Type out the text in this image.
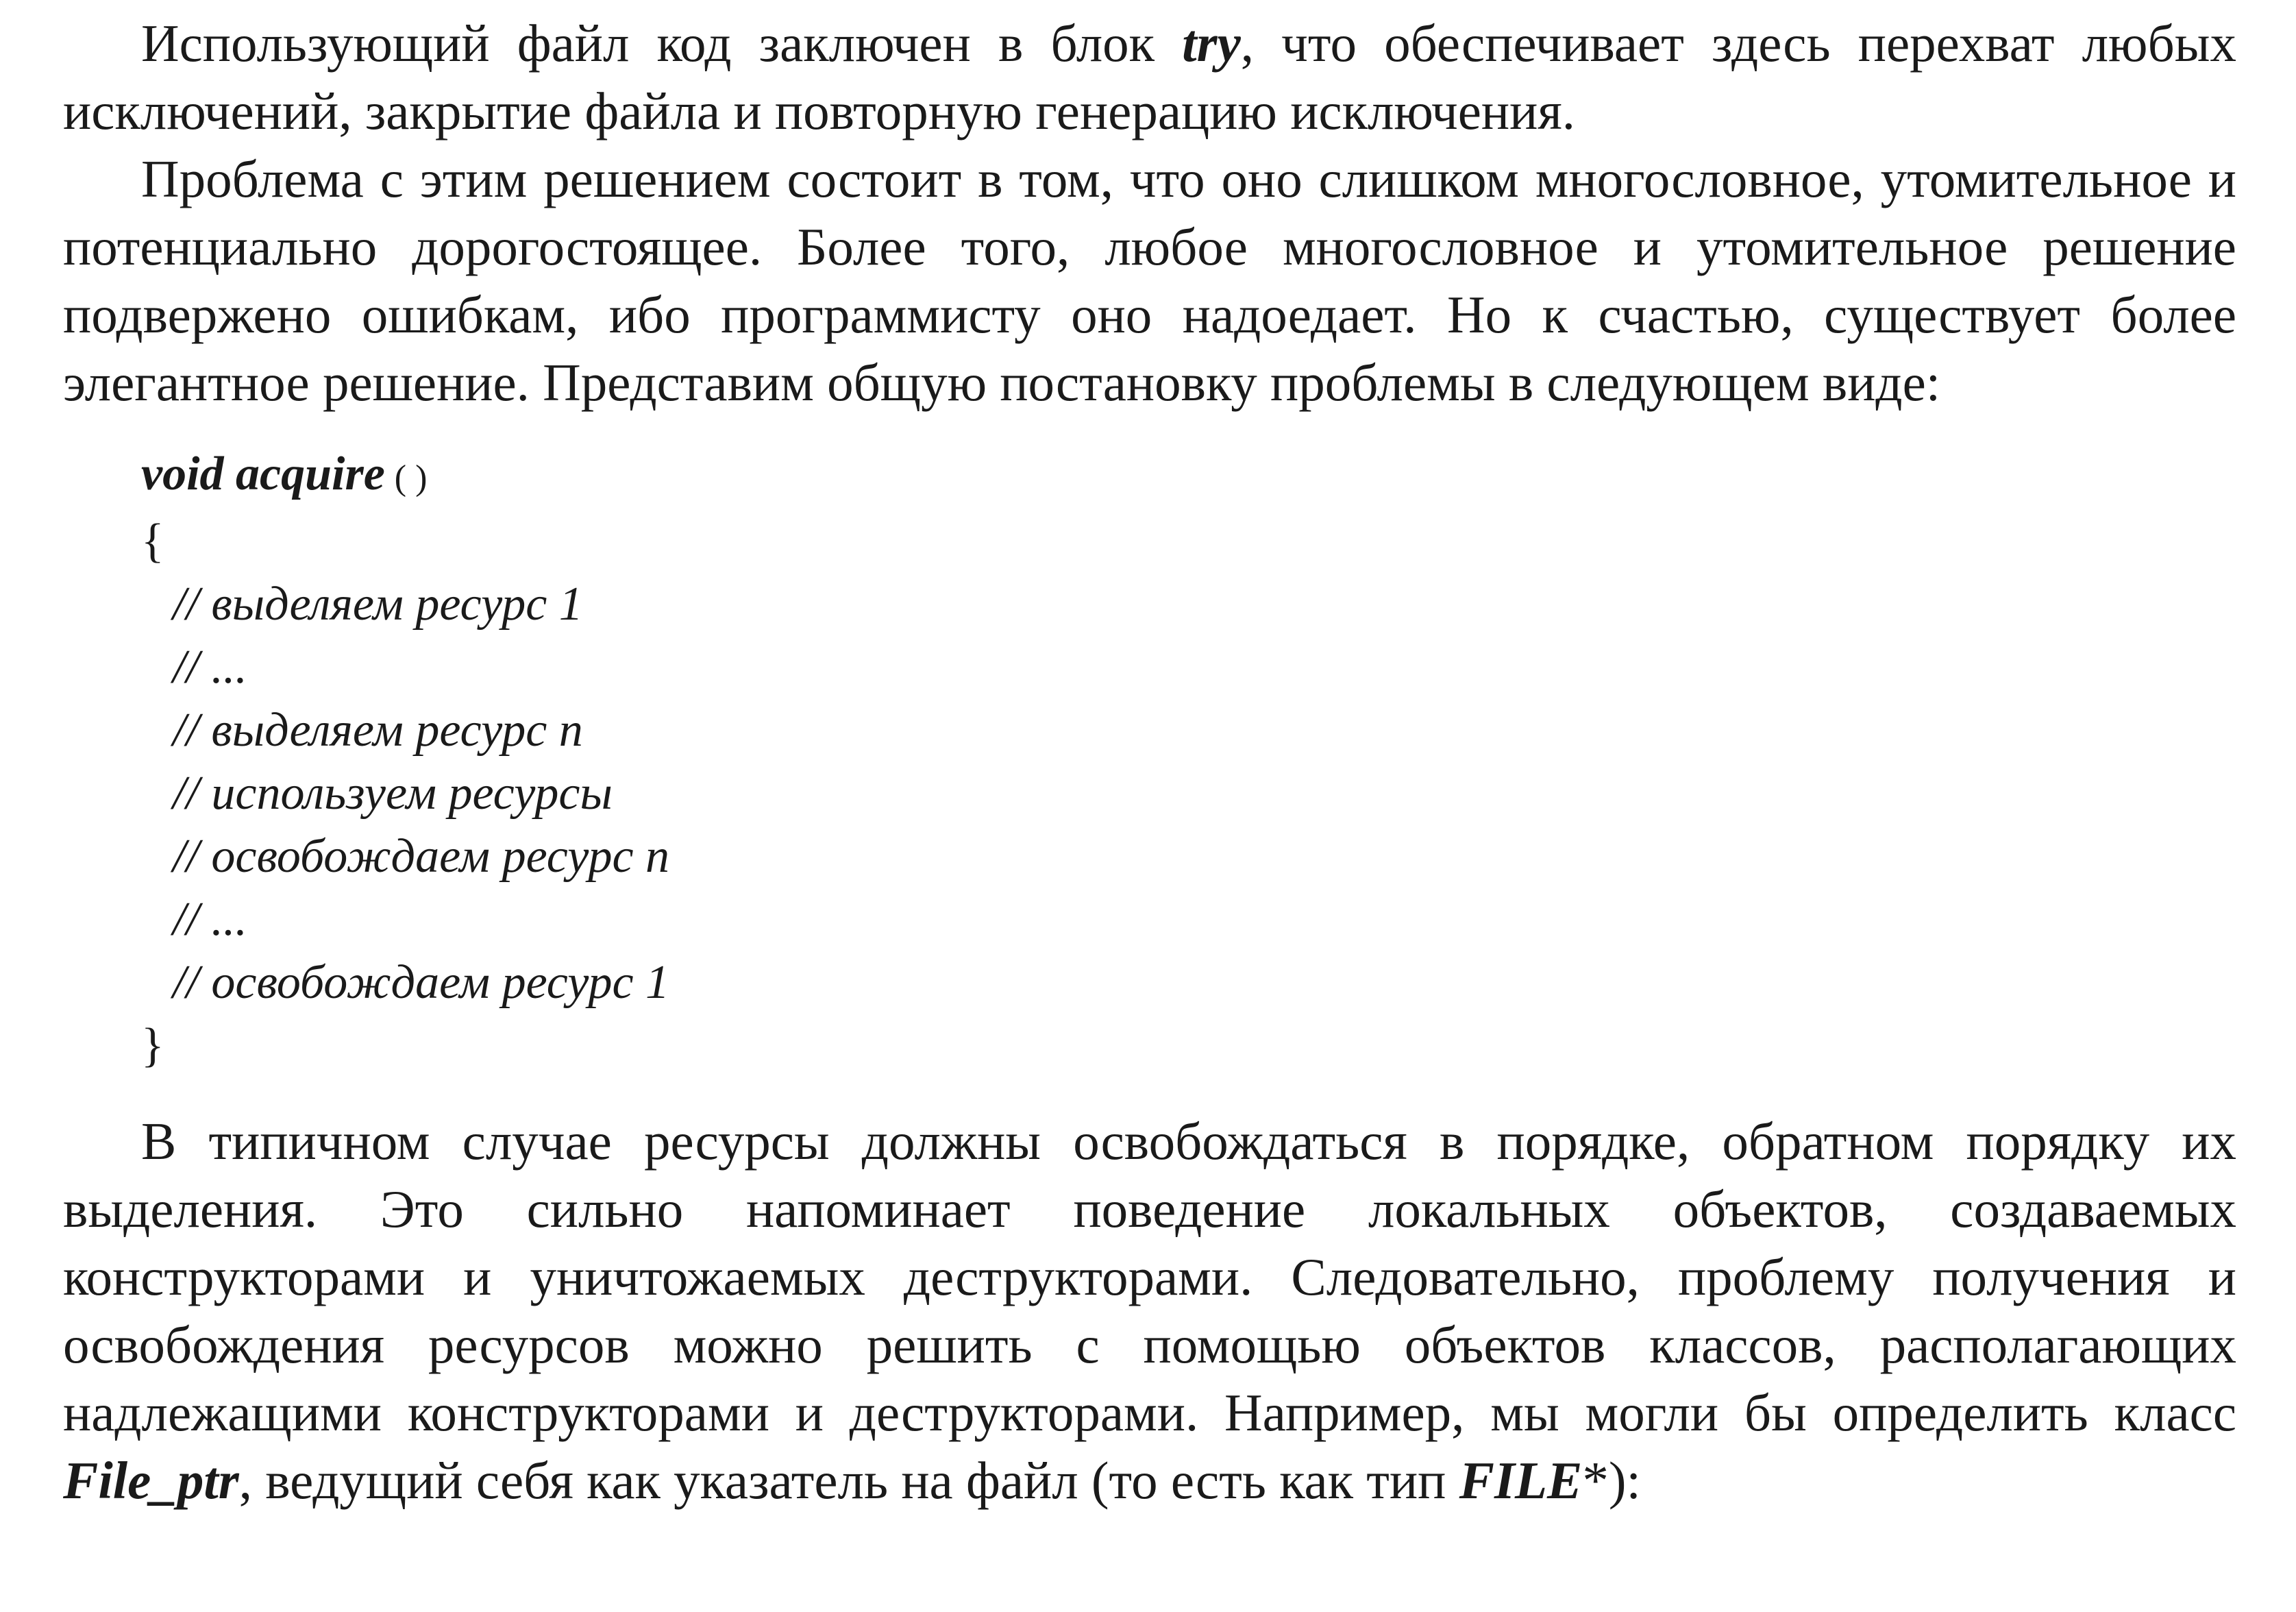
Использующий файл код заключен в блок try, что обеспечивает здесь перехват любых исключений, закрытие файла и повторную генерацию исключения.

Проблема с этим решением состоит в том, что оно слишком многословное, утомительное и потенциально дорогостоящее. Более того, любое многословное и утомительное решение подвержено ошибкам, ибо программисту оно надоедает. Но к счастью, существует более элегантное решение. Представим общую постановку проблемы в следующем виде:

void acquire ( )
{
// выделяем ресурс 1
// ...
// выделяем ресурс n
// используем ресурсы
// освобождаем ресурс n
// ...
// освобождаем ресурс 1
}

В типичном случае ресурсы должны освобождаться в порядке, обратном порядку их выделения. Это сильно напоминает поведение локальных объектов, создаваемых конструкторами и уничтожаемых деструкторами. Следовательно, проблему получения и освобождения ресурсов можно решить с помощью объектов классов, располагающих надлежащими конструкторами и деструкторами. Например, мы могли бы определить класс File_ptr, ведущий себя как указатель на файл (то есть как тип FILE*):
